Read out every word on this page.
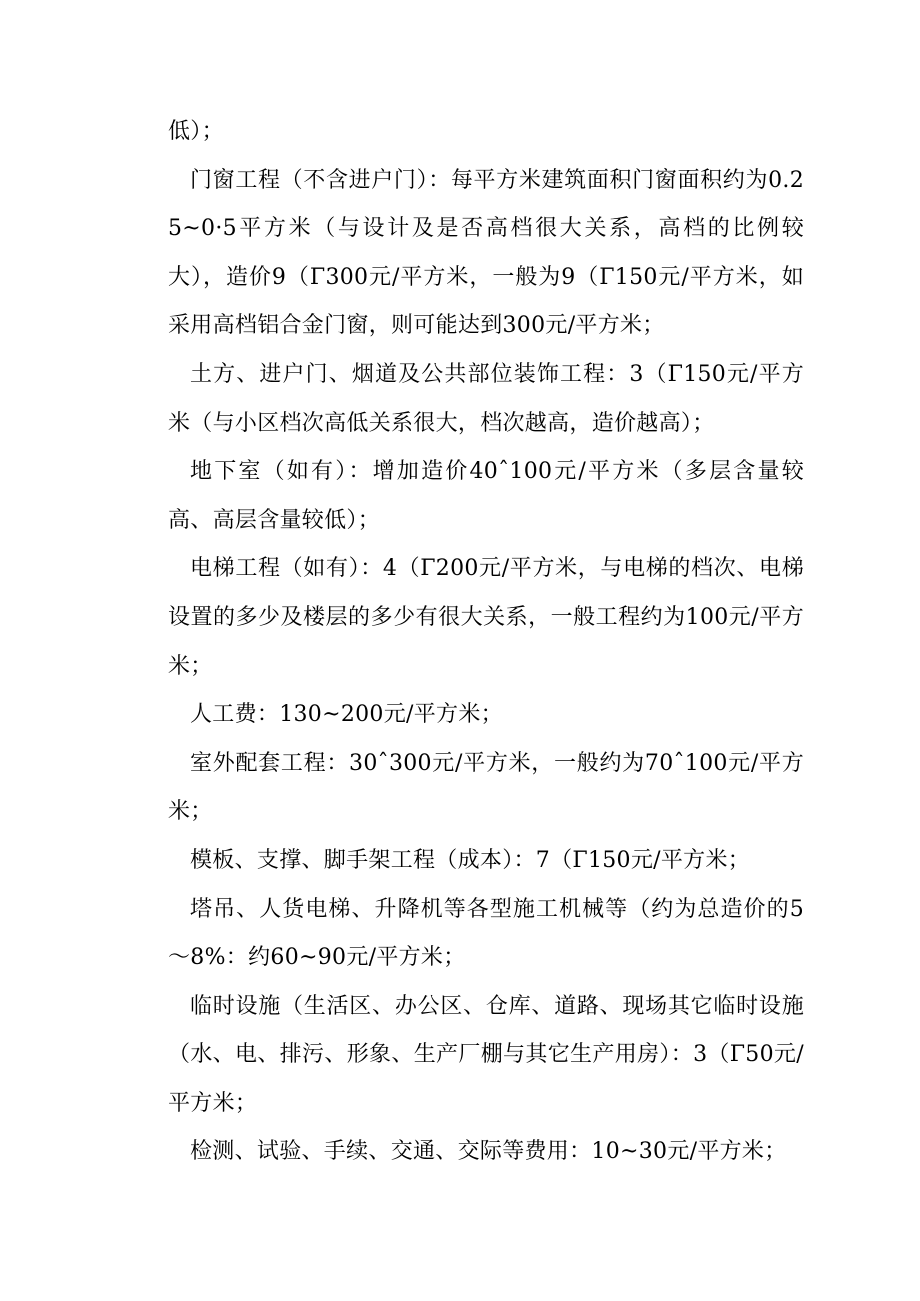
低）；

门窗工程（不含进户门）：每平方米建筑面积门窗面积约为0.25~0·5平方米（与设计及是否高档很大关系，高档的比例较大），造价9（Γ300元/平方米，一般为9（Γ150元/平方米，如采用高档铝合金门窗，则可能达到300元/平方米；

土方、进户门、烟道及公共部位装饰工程：3（Γ150元/平方米（与小区档次高低关系很大，档次越高，造价越高）；

地下室（如有）：增加造价40ˆ100元/平方米（多层含量较高、高层含量较低）；

电梯工程（如有）：4（Γ200元/平方米，与电梯的档次、电梯设置的多少及楼层的多少有很大关系，一般工程约为100元/平方米；

人工费：130~200元/平方米；

室外配套工程：30ˆ300元/平方米，一般约为70ˆ100元/平方米；

模板、支撑、脚手架工程（成本）：7（Γ150元/平方米；

塔吊、人货电梯、升降机等各型施工机械等（约为总造价的5～8%：约60~90元/平方米；

临时设施（生活区、办公区、仓库、道路、现场其它临时设施（水、电、排污、形象、生产厂棚与其它生产用房）：3（Γ50元/平方米；

检测、试验、手续、交通、交际等费用：10~30元/平方米；
